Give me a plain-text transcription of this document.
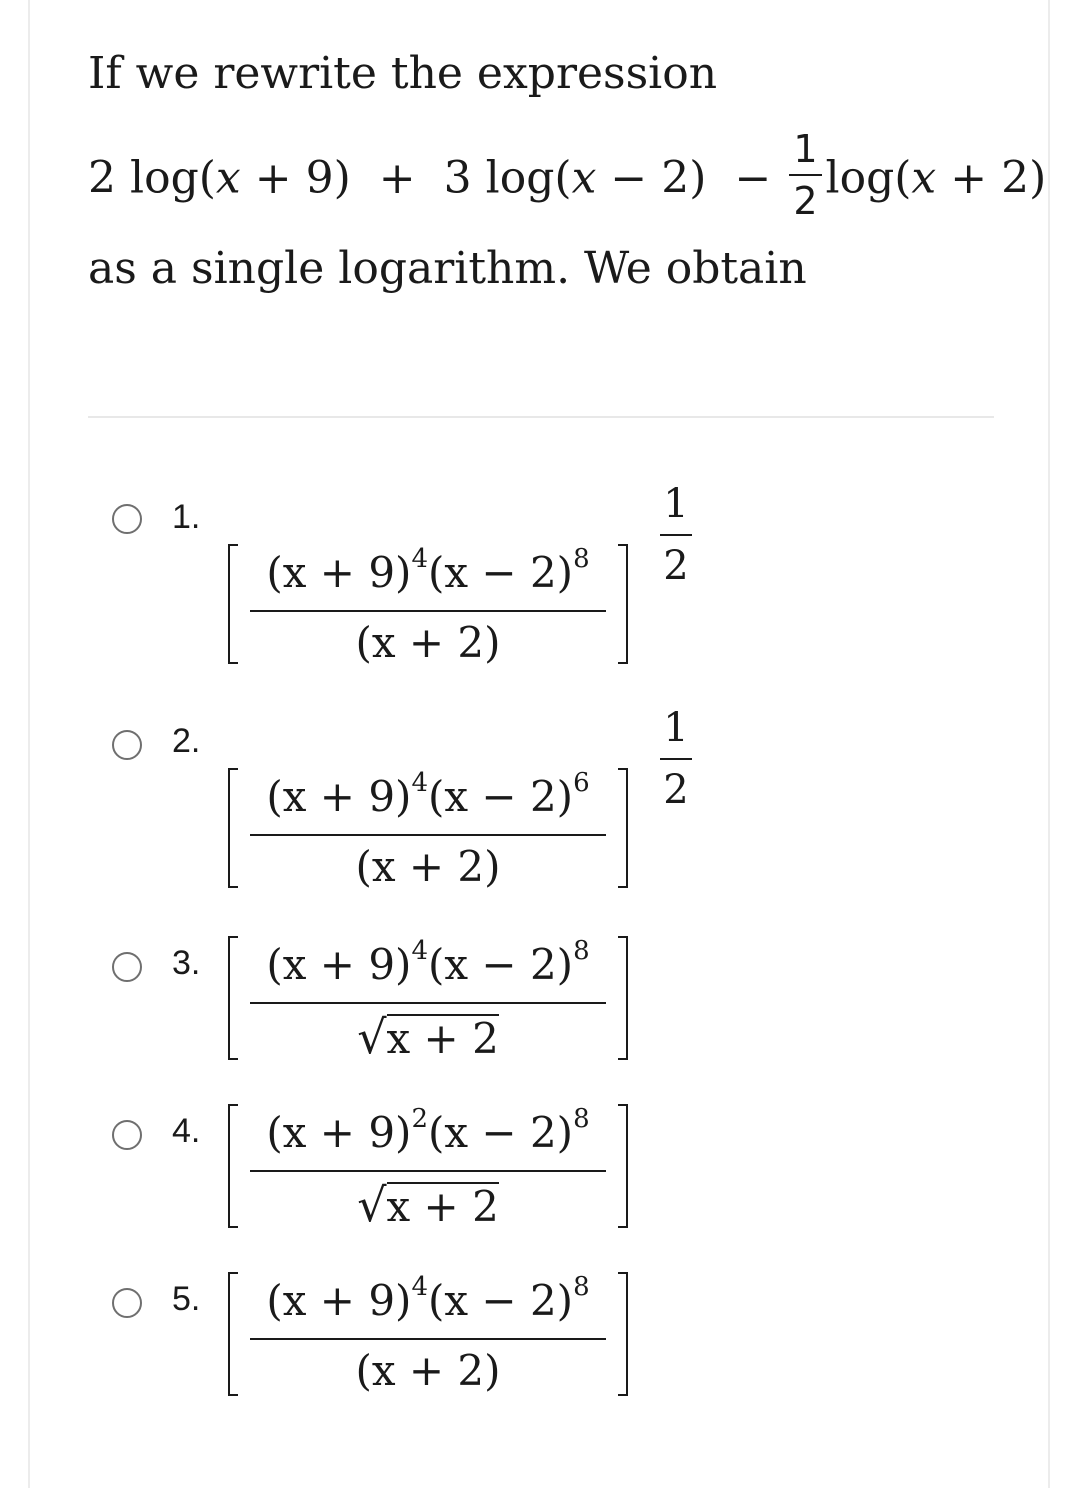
If we rewrite the expression
2 log(x + 9) + 3 $\log(x - 2) - \frac{1}{2} \log(x + 2)$
as a single logarithm. We obtain
1.
$(x + 9)^4(x - 2)^8$
(x + 2)
1
2
2.
$(x + 9)^4(x - 2)^6$
(x + 2)
1
2
3. $(x + 9)^4(x - 2)^8$
√ x + 2
4. $(x + 9)^2(x - 2)^8$
√ x + 2
5. $(x + 9)^4(x - 2)^8$
(x + 2)
